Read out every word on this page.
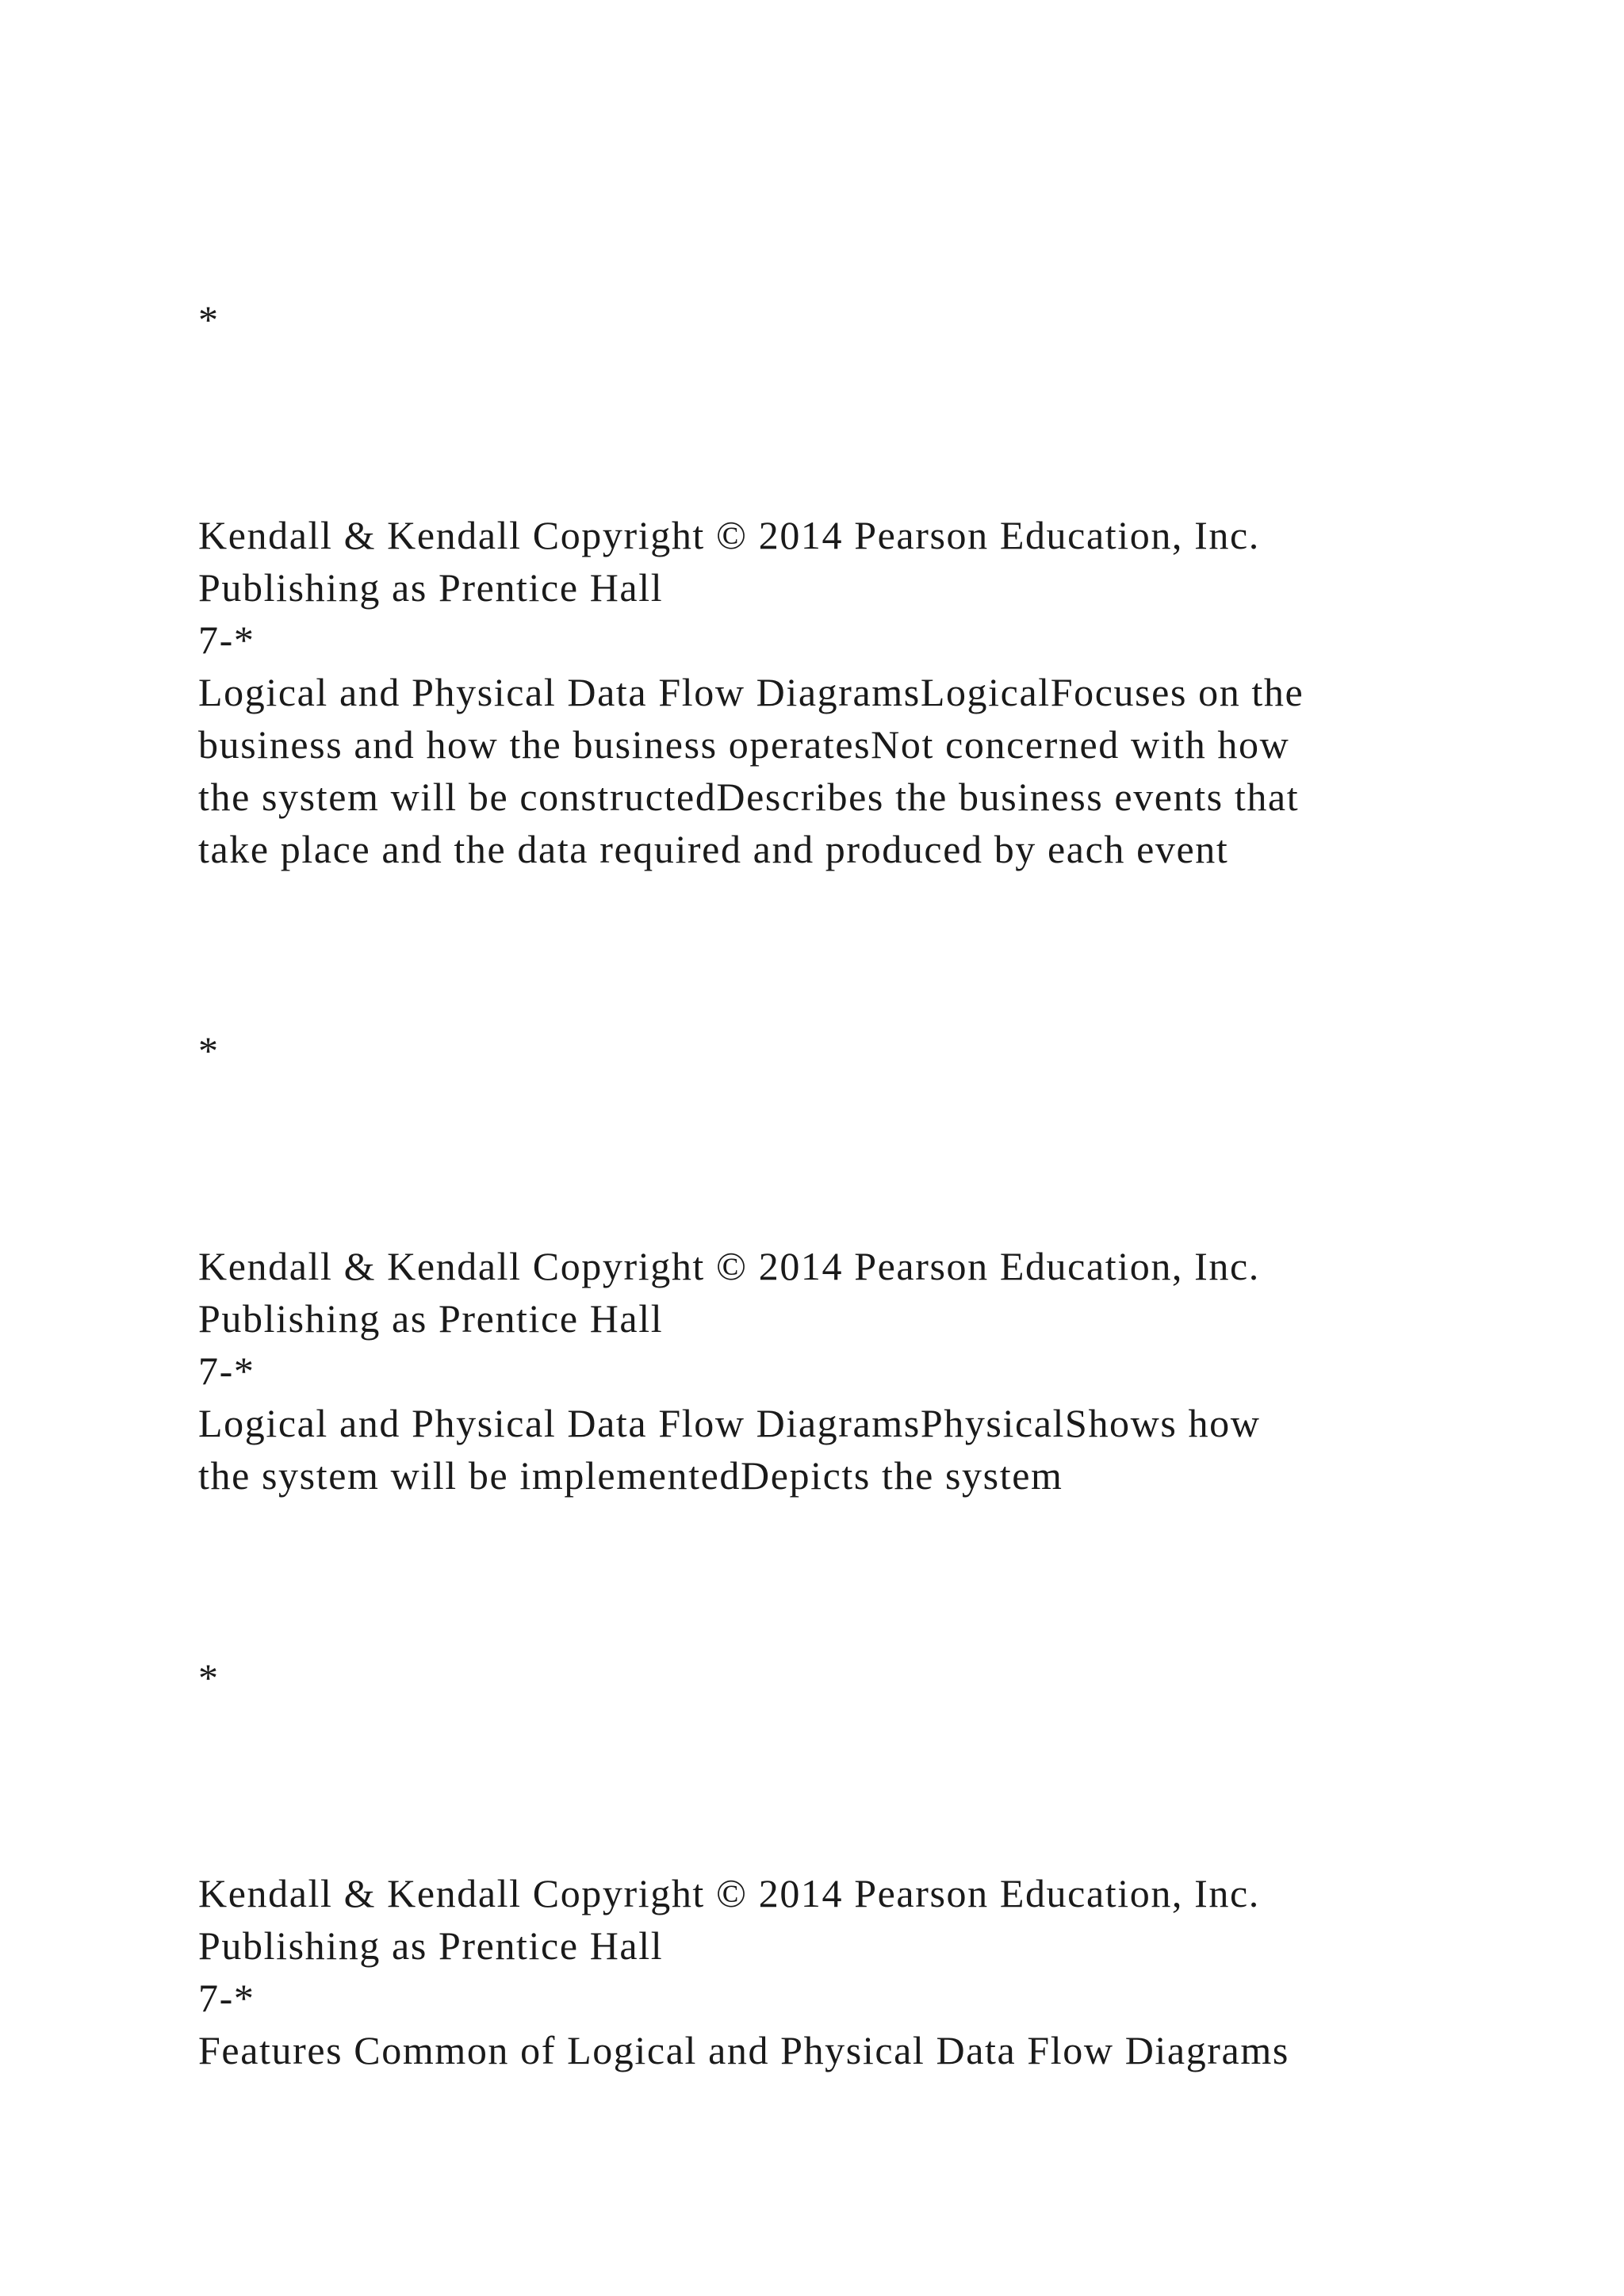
*

Kendall & Kendall Copyright © 2014 Pearson Education, Inc.

Publishing as Prentice Hall

7-*

Logical and Physical Data Flow DiagramsLogicalFocuses on the

business and how the business operatesNot concerned with how

the system will be constructedDescribes the business events that

take place and the data required and produced by each event

*

Kendall & Kendall Copyright © 2014 Pearson Education, Inc.

Publishing as Prentice Hall

7-*

Logical and Physical Data Flow DiagramsPhysicalShows how

the system will be implementedDepicts the system

*

Kendall & Kendall Copyright © 2014 Pearson Education, Inc.

Publishing as Prentice Hall

7-*

Features Common of Logical and Physical Data Flow Diagrams
